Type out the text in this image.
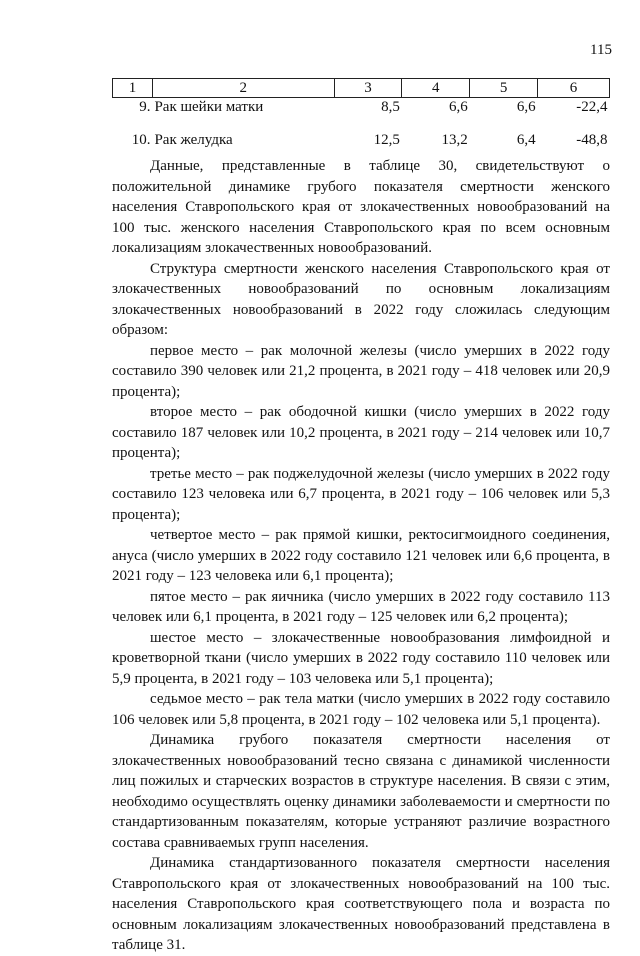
115
1	2	3	4	5	6
9.	Рак шейки матки	8,5	6,6	6,6	-22,4

10.	Рак желудка	12,5	13,2	6,4	-48,8

Данные, представленные в таблице 30, свидетельствуют о положительной динамике грубого показателя смертности женского населения Ставропольского края от злокачественных новообразований на 100 тыс. женского населения Ставропольского края по всем основным локализациям злокачественных новообразований.

Структура смертности женского населения Ставропольского края от злокачественных новообразований по основным локализациям злокачественных новообразований в 2022 году сложилась следующим образом:

первое место – рак молочной железы (число умерших в 2022 году составило 390 человек или 21,2 процента, в 2021 году – 418 человек или 20,9 процента);

второе место – рак ободочной кишки (число умерших в 2022 году составило 187 человек или 10,2 процента, в 2021 году – 214 человек или 10,7 процента);

третье место – рак поджелудочной железы (число умерших в 2022 году составило 123 человека или 6,7 процента, в 2021 году – 106 человек или 5,3 процента);

четвертое место – рак прямой кишки, ректосигмоидного соединения, ануса (число умерших в 2022 году составило 121 человек или 6,6 процента, в 2021 году – 123 человека или 6,1 процента);

пятое место – рак яичника (число умерших в 2022 году составило 113 человек или 6,1 процента, в 2021 году – 125 человек или 6,2 процента);

шестое место – злокачественные новообразования лимфоидной и кроветворной ткани (число умерших в 2022 году составило 110 человек или 5,9 процента, в 2021 году – 103 человека или 5,1 процента);

седьмое место – рак тела матки (число умерших в 2022 году составило 106 человек или 5,8 процента, в 2021 году – 102 человека или 5,1 процента).

Динамика грубого показателя смертности населения от злокачественных новообразований тесно связана с динамикой численности лиц пожилых и старческих возрастов в структуре населения. В связи с этим, необходимо осуществлять оценку динамики заболеваемости и смертности по стандартизованным показателям, которые устраняют различие возрастного состава сравниваемых групп населения.

Динамика стандартизованного показателя смертности населения Ставропольского края от злокачественных новообразований на 100 тыс. населения Ставропольского края соответствующего пола и возраста по основным локализациям злокачественных новообразований представлена в таблице 31.
